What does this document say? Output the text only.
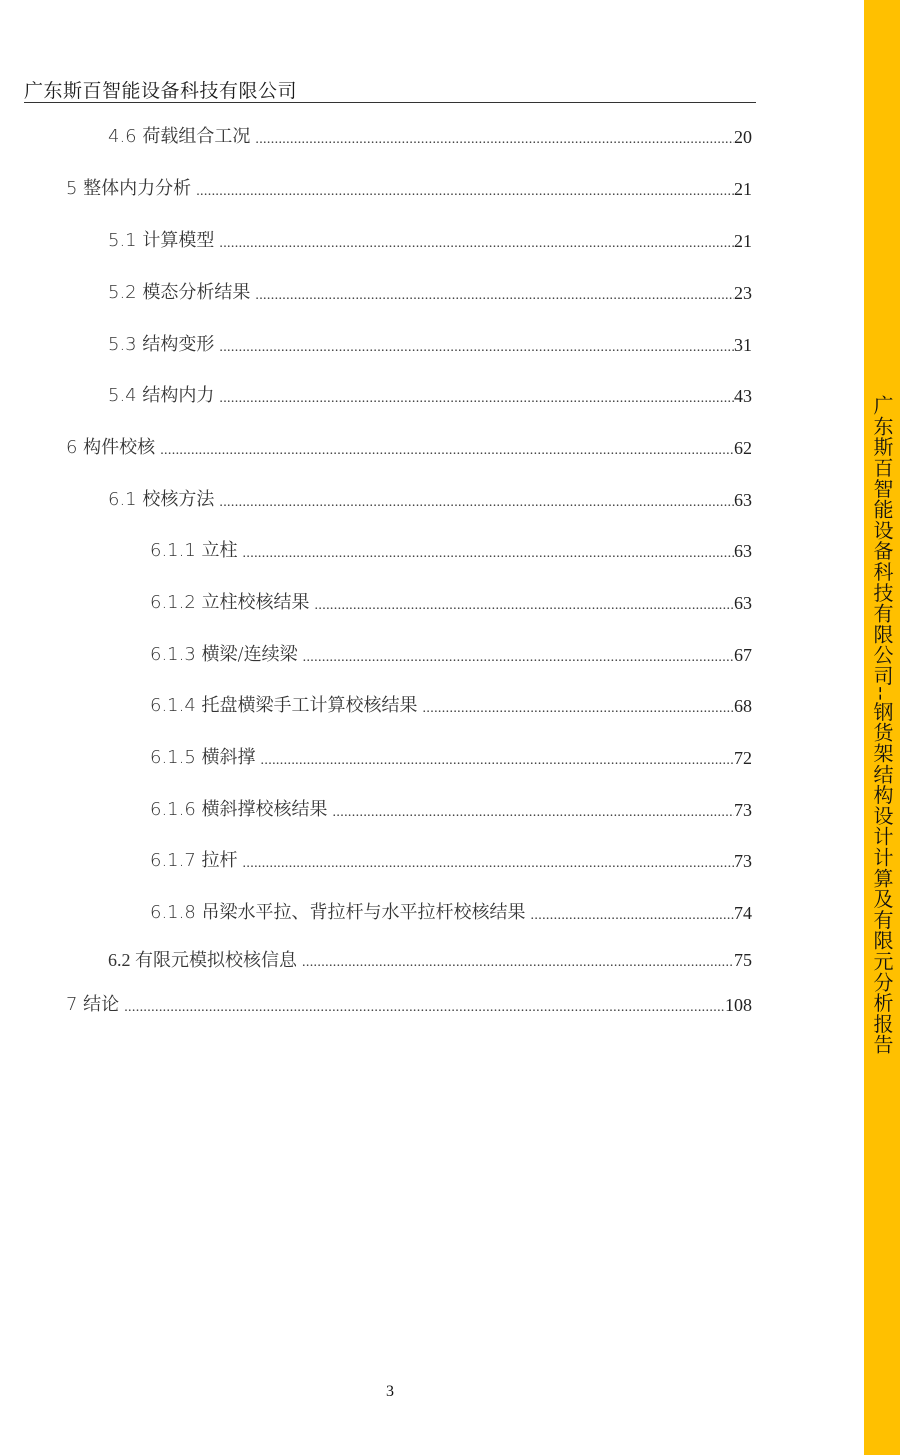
广东斯百智能设备科技有限公司
4.6 荷载组合工况 .....	20
5 整体内力分析 .....	21
5.1 计算模型 .....	21
5.2 模态分析结果 .....	23
5.3 结构变形 .....	31
5.4 结构内力 .....	43
6 构件校核 .....	62
6.1 校核方法 .....	63
6.1.1 立柱 .....	63
6.1.2 立柱校核结果 .....	63
6.1.3 横梁/连续梁 .....	67
6.1.4 托盘横梁手工计算校核结果 .....	68
6.1.5 横斜撑 .....	72
6.1.6 横斜撑校核结果 .....	73
6.1.7 拉杆 .....	73
6.1.8 吊梁水平拉、背拉杆与水平拉杆校核结果 .....	74
6.2 有限元模拟校核信息 .....	75
7 结论 .....	108
3
广东斯百智能设备科技有限公司--钢货架结构设计计算及有限元分析报告
